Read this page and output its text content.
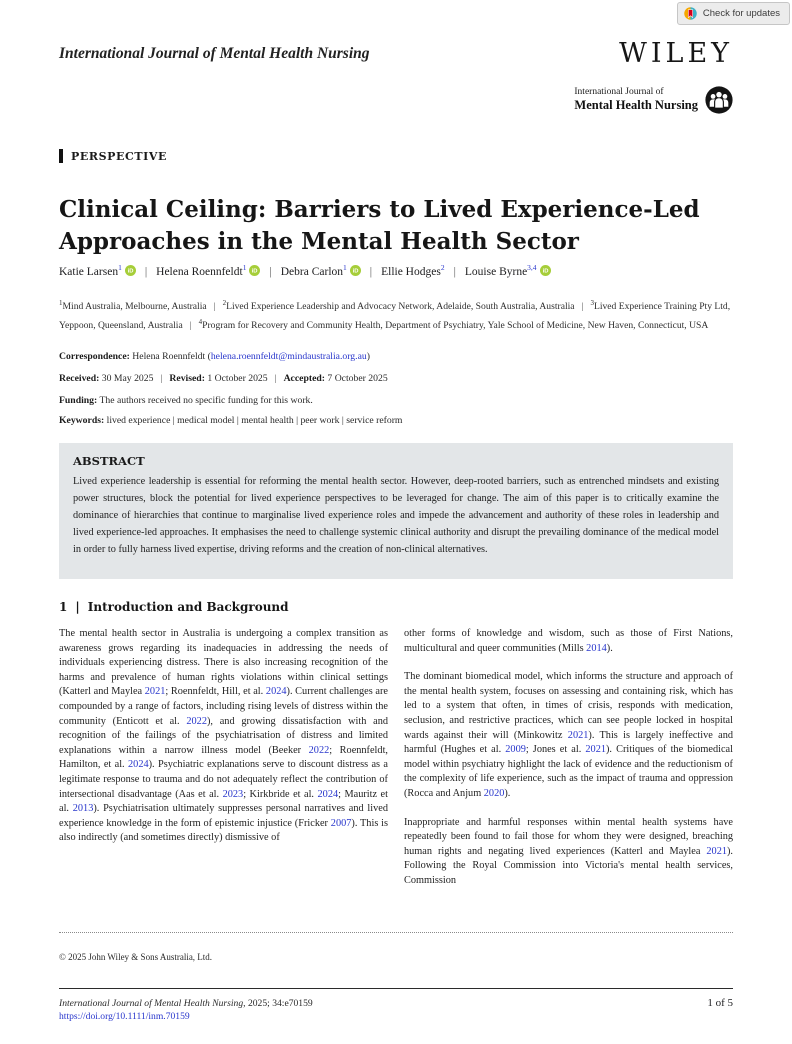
Check for updates
International Journal of Mental Health Nursing	WILEY
International Journal of
Mental Health Nursing
PERSPECTIVE
Clinical Ceiling: Barriers to Lived Experience-Led
Approaches in the Mental Health Sector
Katie Larsen$^1$ iD | Helena Roennfeldt$^1$ iD | Debra Carlon$^1$ iD | Ellie Hodges$^2$ | Louise Byrne$^{3,4}$ iD
$^1$Mind Australia, Melbourne, Australia | $^2$Lived Experience Leadership and Advocacy Network, Adelaide, South Australia, Australia | $^3$Lived Experience Training Pty Ltd, Yeppoon, Queensland, Australia | $^4$Program for Recovery and Community Health, Department of Psychiatry, Yale School of Medicine, New Haven, Connecticut, USA
Correspondence: Helena Roennfeldt (helena.roennfeldt@mindaustralia.org.au)
Received: 30 May 2025 | Revised: 1 October 2025 | Accepted: 7 October 2025
Funding: The authors received no specific funding for this work.
Keywords: lived experience | medical model | mental health | peer work | service reform
ABSTRACT

Lived experience leadership is essential for reforming the mental health sector. However, deep-rooted barriers, such as entrenched mindsets and existing power structures, block the potential for lived experience perspectives to be leveraged for change. The aim of this paper is to critically examine the dominance of hierarchies that continue to marginalise lived experience roles and impede the advancement and authority of these roles in leadership and lived experience-led approaches. It emphasises the need to challenge systemic clinical authority and disrupt the prevailing dominance of the medical model in order to fully harness lived expertise, driving reforms and the creation of non-clinical alternatives.

1 | Introduction and Background

The mental health sector in Australia is undergoing a complex transition as awareness grows regarding its inadequacies in addressing the needs of individuals experiencing distress. There is also increasing recognition of the harms and prevalence of human rights violations within clinical settings (Katterl and Maylea 2021; Roennfeldt, Hill, et al. 2024). Current challenges are compounded by a range of factors, including rising levels of distress within the community (Enticott et al. 2022), and growing dissatisfaction with and recognition of the failings of the psychiatrisation of distress and limited explanations within a narrow illness model (Beeker 2022; Roennfeldt, Hamilton, et al. 2024). Psychiatric explanations serve to discount distress as a legitimate response to trauma and do not adequately reflect the contribution of intersectional disadvantage (Aas et al. 2023; Kirkbride et al. 2024; Mauritz et al. 2013). Psychiatrisation ultimately suppresses personal narratives and lived experience knowledge in the form of epistemic injustice (Fricker 2007). This is also indirectly (and sometimes directly) dismissive of

other forms of knowledge and wisdom, such as those of First Nations, multicultural and queer communities (Mills 2014).

The dominant biomedical model, which informs the structure and approach of the mental health system, focuses on assessing and containing risk, which has led to a system that often, in times of crisis, responds with medication, seclusion, and restrictive practices, which can see people locked in hospital wards against their will (Minkowitz 2021). This is largely ineffective and harmful (Hughes et al. 2009; Jones et al. 2021). Critiques of the biomedical model within psychiatry highlight the lack of evidence and the reductionism of the complexity of life experience, such as the impact of trauma and oppression (Rocca and Anjum 2020).

Inappropriate and harmful responses within mental health systems have repeatedly been found to fail those for whom they were designed, breaching human rights and negating lived experiences (Katterl and Maylea 2021). Following the Royal Commission into Victoria's mental health services, Commission

© 2025 John Wiley & Sons Australia, Ltd.
International Journal of Mental Health Nursing, 2025; 34:e70159
https://doi.org/10.1111/inm.70159
1 of 5
